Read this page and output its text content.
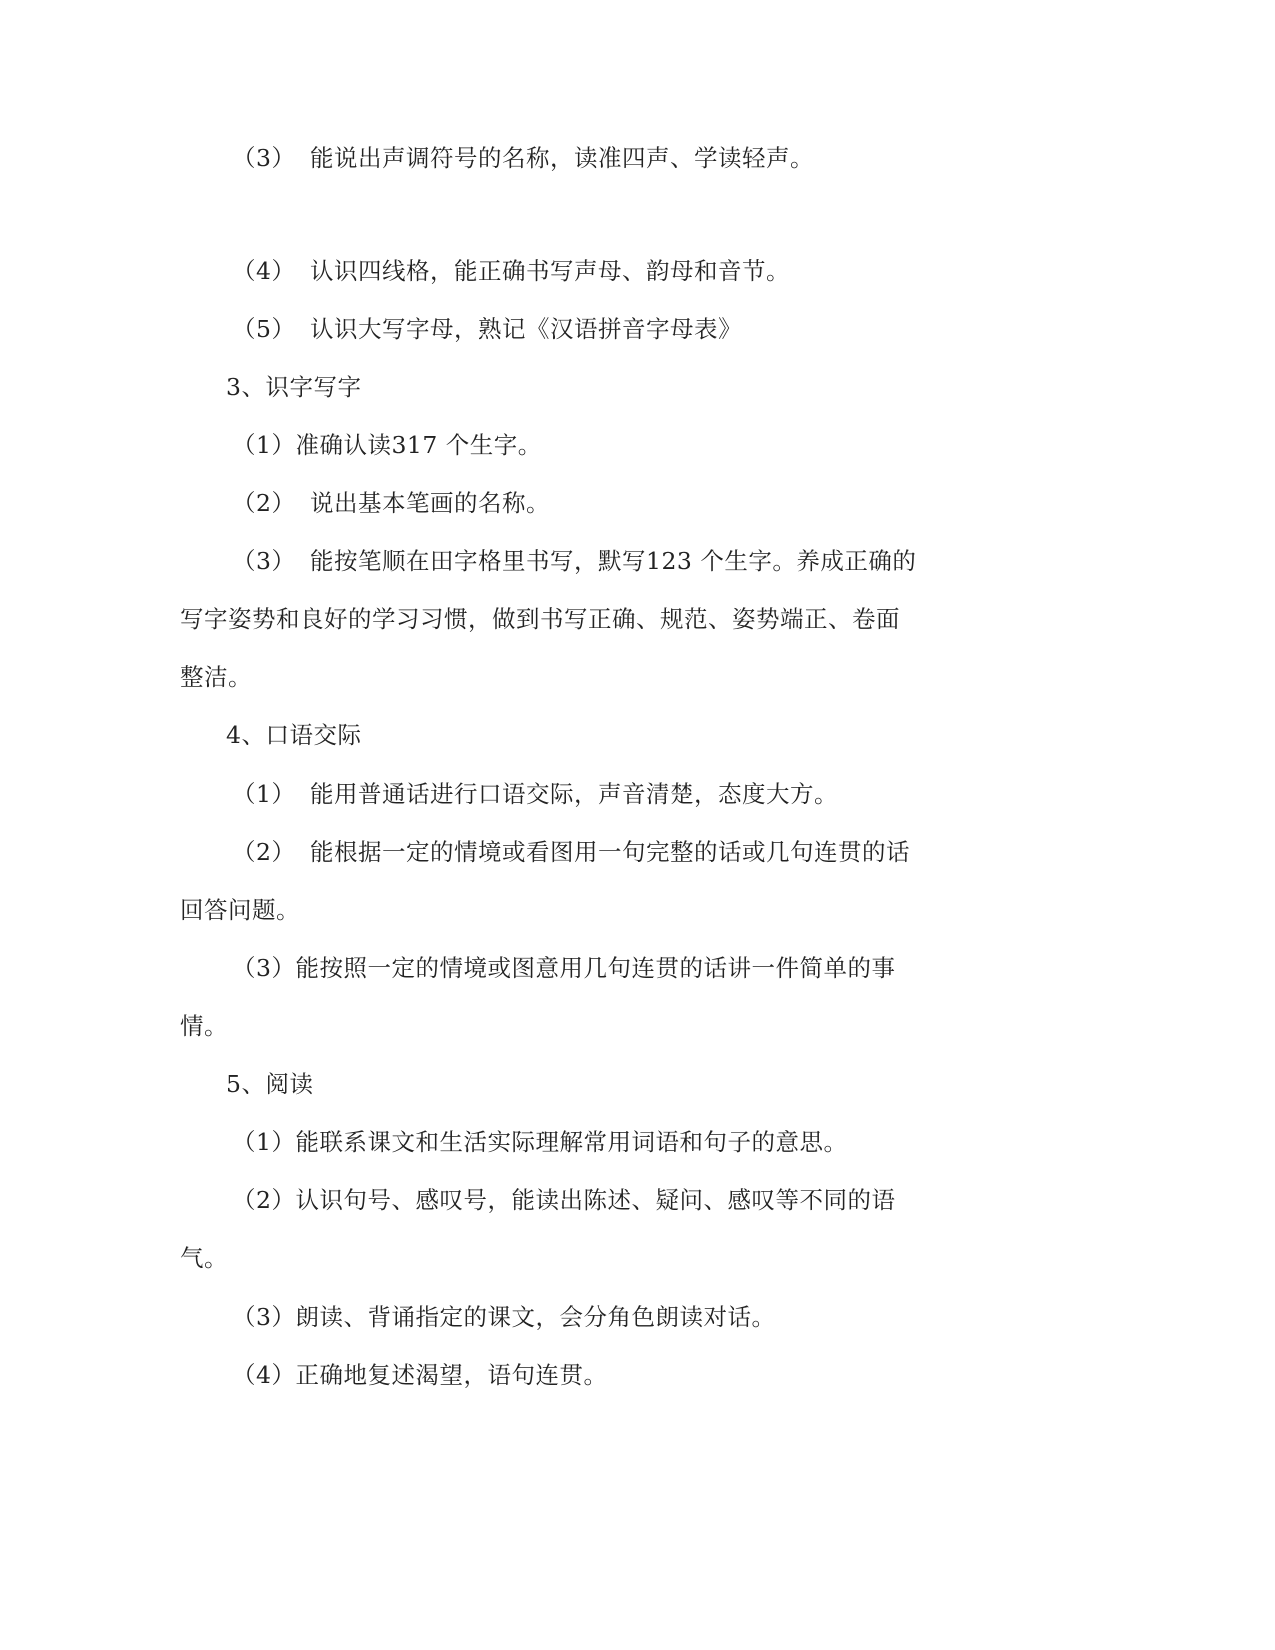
（3） 能说出声调符号的名称，读准四声、学读轻声。
（4） 认识四线格，能正确书写声母、韵母和音节。
（5） 认识大写字母，熟记《汉语拼音字母表》
3、识字写字
（1）准确认读317 个生字。
（2） 说出基本笔画的名称。
（3） 能按笔顺在田字格里书写，默写123 个生字。养成正确的
写字姿势和良好的学习习惯，做到书写正确、规范、姿势端正、卷面
整洁。
4、口语交际
（1） 能用普通话进行口语交际，声音清楚，态度大方。
（2） 能根据一定的情境或看图用一句完整的话或几句连贯的话
回答问题。
（3）能按照一定的情境或图意用几句连贯的话讲一件简单的事
情。
5、阅读
（1）能联系课文和生活实际理解常用词语和句子的意思。
（2）认识句号、感叹号，能读出陈述、疑问、感叹等不同的语
气。
（3）朗读、背诵指定的课文，会分角色朗读对话。
（4）正确地复述渴望，语句连贯。
